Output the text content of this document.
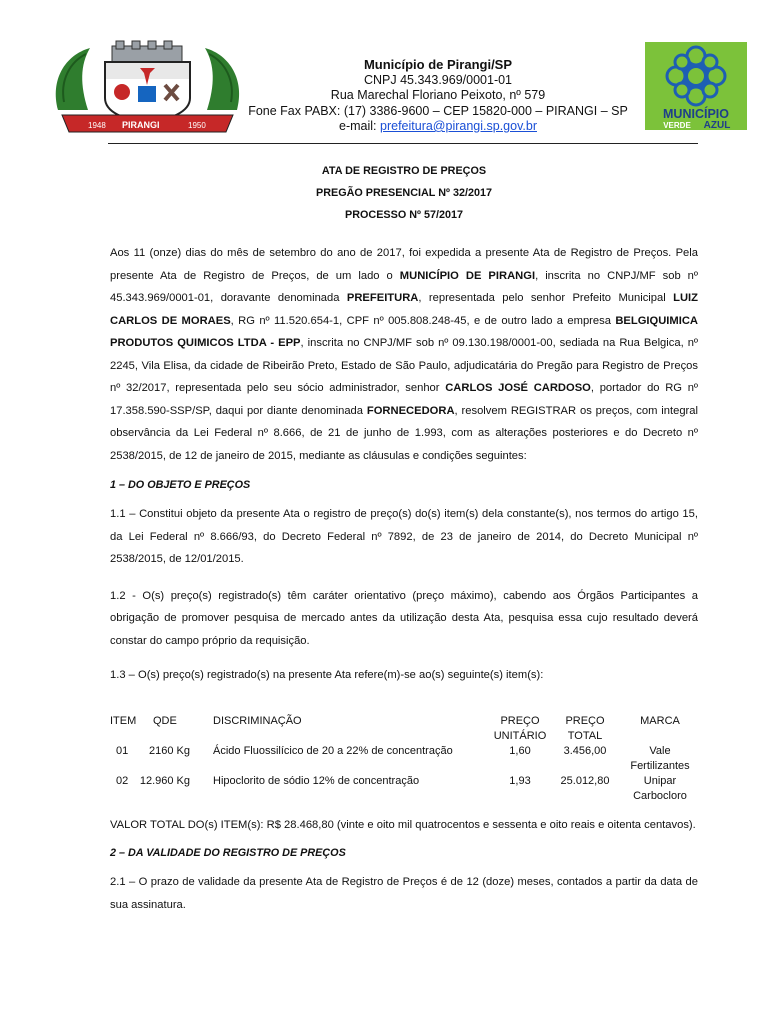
1948 PIRANGI	1950
Município de Pirangi/SP
CNPJ 45.343.969/0001-01
Rua Marechal Floriano Peixoto, nº 579
Fone Fax PABX: (17) 3386-9600 – CEP 15820-000 – PIRANGI – SP
e-mail: prefeitura@pirangi.sp.gov.br
MUNICÍPIO
VERDE AZUL

ATA DE REGISTRO DE PREÇOS

PREGÃO PRESENCIAL Nº 32/2017

PROCESSO Nº 57/2017

Aos 11 (onze) dias do mês de setembro do ano de 2017, foi expedida a presente Ata de Registro de Preços. Pela presente Ata de Registro de Preços, de um lado o MUNICÍPIO DE PIRANGI, inscrita no CNPJ/MF sob nº 45.343.969/0001-01, doravante denominada PREFEITURA, representada pelo senhor Prefeito Municipal LUIZ CARLOS DE MORAES, RG nº 11.520.654-1, CPF nº 005.808.248-45, e de outro lado a empresa BELGIQUIMICA PRODUTOS QUIMICOS LTDA - EPP, inscrita no CNPJ/MF sob nº 09.130.198/0001-00, sediada na Rua Belgica, nº 2245, Vila Elisa, da cidade de Ribeirão Preto, Estado de São Paulo, adjudicatária do Pregão para Registro de Preços nº 32/2017, representada pelo seu sócio administrador, senhor CARLOS JOSÉ CARDOSO, portador do RG nº 17.358.590-SSP/SP, daqui por diante denominada FORNECEDORA, resolvem REGISTRAR os preços, com integral observância da Lei Federal nº 8.666, de 21 de junho de 1.993, com as alterações posteriores e do Decreto nº 2538/2015, de 12 de janeiro de 2015, mediante as cláusulas e condições seguintes:

1 – DO OBJETO E PREÇOS

1.1 – Constitui objeto da presente Ata o registro de preço(s) do(s) item(s) dela constante(s), nos termos do artigo 15, da Lei Federal nº 8.666/93, do Decreto Federal nº 7892, de 23 de janeiro de 2014, do Decreto Municipal nº 2538/2015, de 12/01/2015.

1.2 - O(s) preço(s) registrado(s) têm caráter orientativo (preço máximo), cabendo aos Órgãos Participantes a obrigação de promover pesquisa de mercado antes da utilização desta Ata, pesquisa essa cujo resultado deverá constar do campo próprio da requisição.

1.3 – O(s) preço(s) registrado(s) na presente Ata refere(m)-se ao(s) seguinte(s) item(s):

ITEM QDE	DISCRIMINAÇÃO	PREÇO	PREÇO	MARCA
UNITÁRIO	TOTAL
01	2160 Kg Ácido Fluossilícico de 20 a 22% de concentração	1,60	3.456,00	Vale
Fertilizantes
02	12.960 Kg Hipoclorito de sódio 12% de concentração	1,93	25.012,80	Unipar
Carbocloro

VALOR TOTAL DO(s) ITEM(s): R$ 28.468,80 (vinte e oito mil quatrocentos e sessenta e oito reais e oitenta centavos).

2 – DA VALIDADE DO REGISTRO DE PREÇOS

2.1 – O prazo de validade da presente Ata de Registro de Preços é de 12 (doze) meses, contados a partir da data de sua assinatura.
